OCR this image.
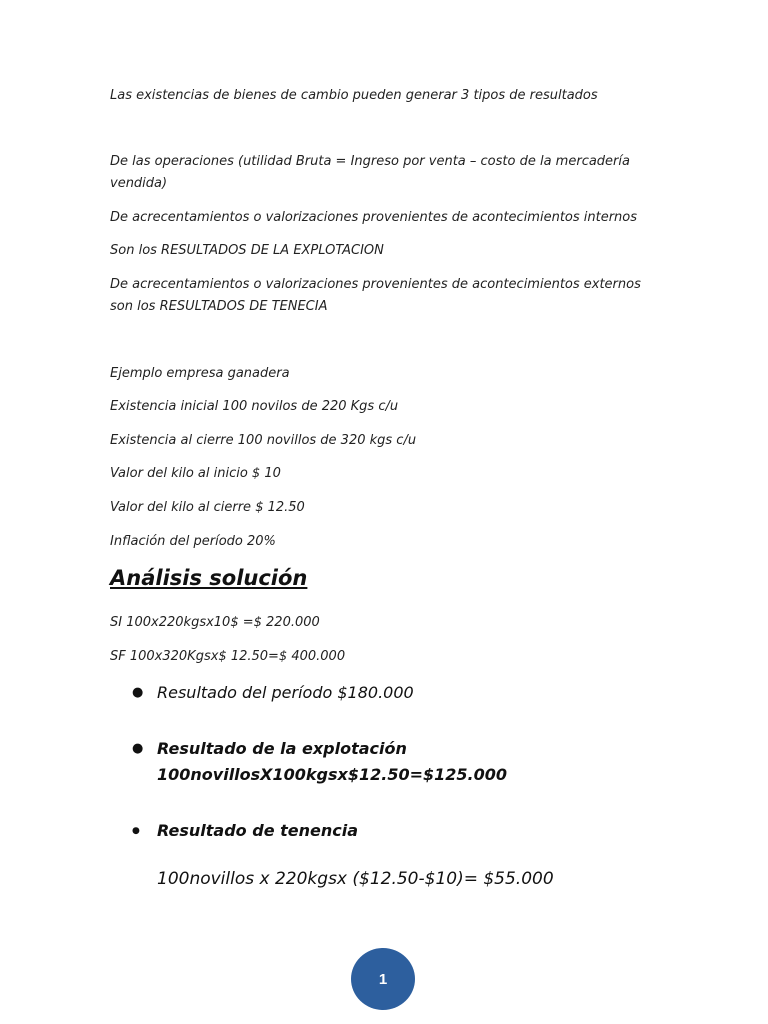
Las existencias de bienes de cambio pueden generar 3 tipos de resultados
De las operaciones (utilidad Bruta = Ingreso por venta – costo de la mercadería vendida)
De acrecentamientos o valorizaciones provenientes de acontecimientos internos
Son los RESULTADOS DE LA EXPLOTACION
De acrecentamientos o valorizaciones provenientes de acontecimientos externos son los RESULTADOS DE TENECIA
Ejemplo empresa ganadera
Existencia inicial 100 novilos de 220 Kgs c/u
Existencia al cierre 100 novillos de 320 kgs c/u
Valor del kilo al inicio $ 10
Valor del kilo al cierre $ 12.50
Inflación del período 20%
Análisis solución
SI 100x220kgsx10$ =$ 220.000
SF 100x320Kgsx$ 12.50=$ 400.000
● Resultado del período $180.000
● Resultado de la explotación
100novillosX100kgsx$12.50=$125.000
● Resultado de tenencia
100novillos x 220kgsx ($12.50-$10)= $55.000
1
